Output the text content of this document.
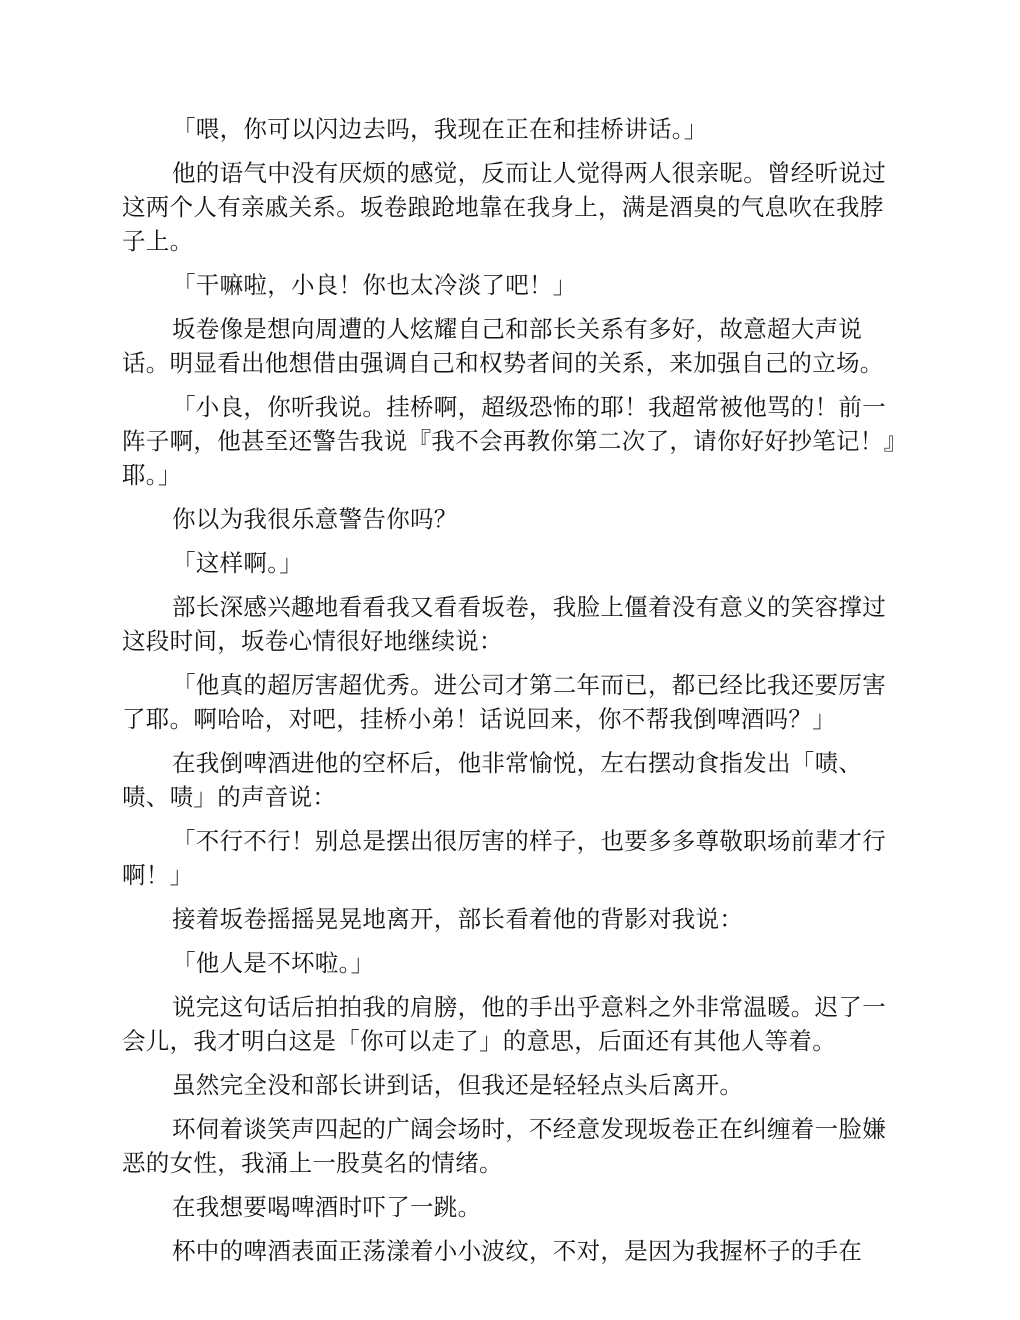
「喂，你可以闪边去吗，我现在正在和挂桥讲话。」

他的语气中没有厌烦的感觉，反而让人觉得两人很亲昵。曾经听说过这两个人有亲戚关系。坂卷踉跄地靠在我身上，满是酒臭的气息吹在我脖子上。

「干嘛啦，小良！你也太冷淡了吧！」

坂卷像是想向周遭的人炫耀自己和部长关系有多好，故意超大声说话。明显看出他想借由强调自己和权势者间的关系，来加强自己的立场。

「小良，你听我说。挂桥啊，超级恐怖的耶！我超常被他骂的！前一阵子啊，他甚至还警告我说『我不会再教你第二次了，请你好好抄笔记！』耶。」

你以为我很乐意警告你吗？

「这样啊。」

部长深感兴趣地看看我又看看坂卷，我脸上僵着没有意义的笑容撑过这段时间，坂卷心情很好地继续说：

「他真的超厉害超优秀。进公司才第二年而已，都已经比我还要厉害了耶。啊哈哈，对吧，挂桥小弟！话说回来，你不帮我倒啤酒吗？」

在我倒啤酒进他的空杯后，他非常愉悦，左右摆动食指发出「啧、啧、啧」的声音说：

「不行不行！别总是摆出很厉害的样子，也要多多尊敬职场前辈才行啊！」

接着坂卷摇摇晃晃地离开，部长看着他的背影对我说：

「他人是不坏啦。」

说完这句话后拍拍我的肩膀，他的手出乎意料之外非常温暖。迟了一会儿，我才明白这是「你可以走了」的意思，后面还有其他人等着。

虽然完全没和部长讲到话，但我还是轻轻点头后离开。

环伺着谈笑声四起的广阔会场时，不经意发现坂卷正在纠缠着一脸嫌恶的女性，我涌上一股莫名的情绪。

在我想要喝啤酒时吓了一跳。

杯中的啤酒表面正荡漾着小小波纹，不对，是因为我握杯子的手在
